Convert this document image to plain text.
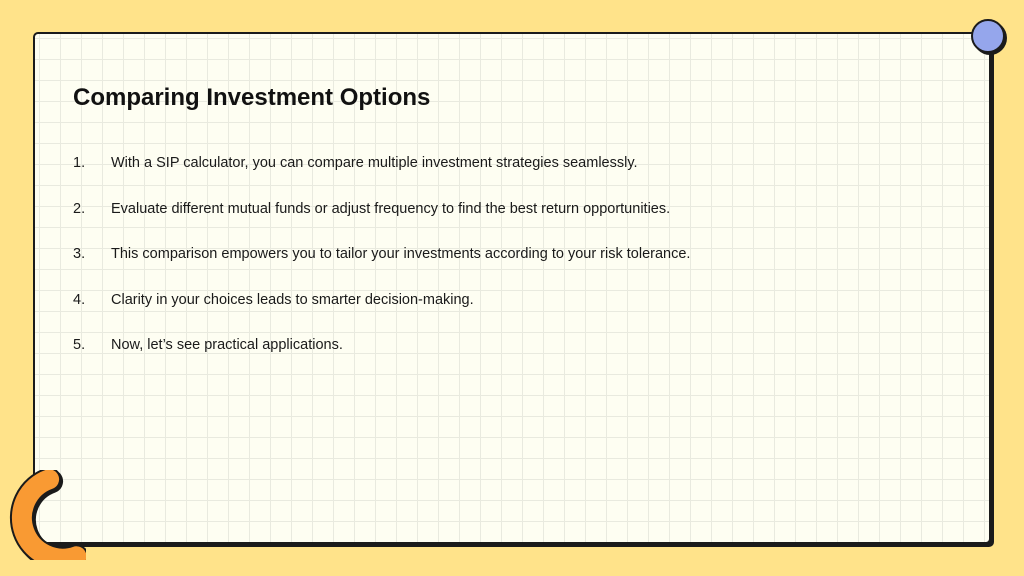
Comparing Investment Options
1.	With a SIP calculator, you can compare multiple investment strategies seamlessly.
2.	Evaluate different mutual funds or adjust frequency to find the best return opportunities.
3.	This comparison empowers you to tailor your investments according to your risk tolerance.
4.	Clarity in your choices leads to smarter decision-making.
5.	Now, let’s see practical applications.
